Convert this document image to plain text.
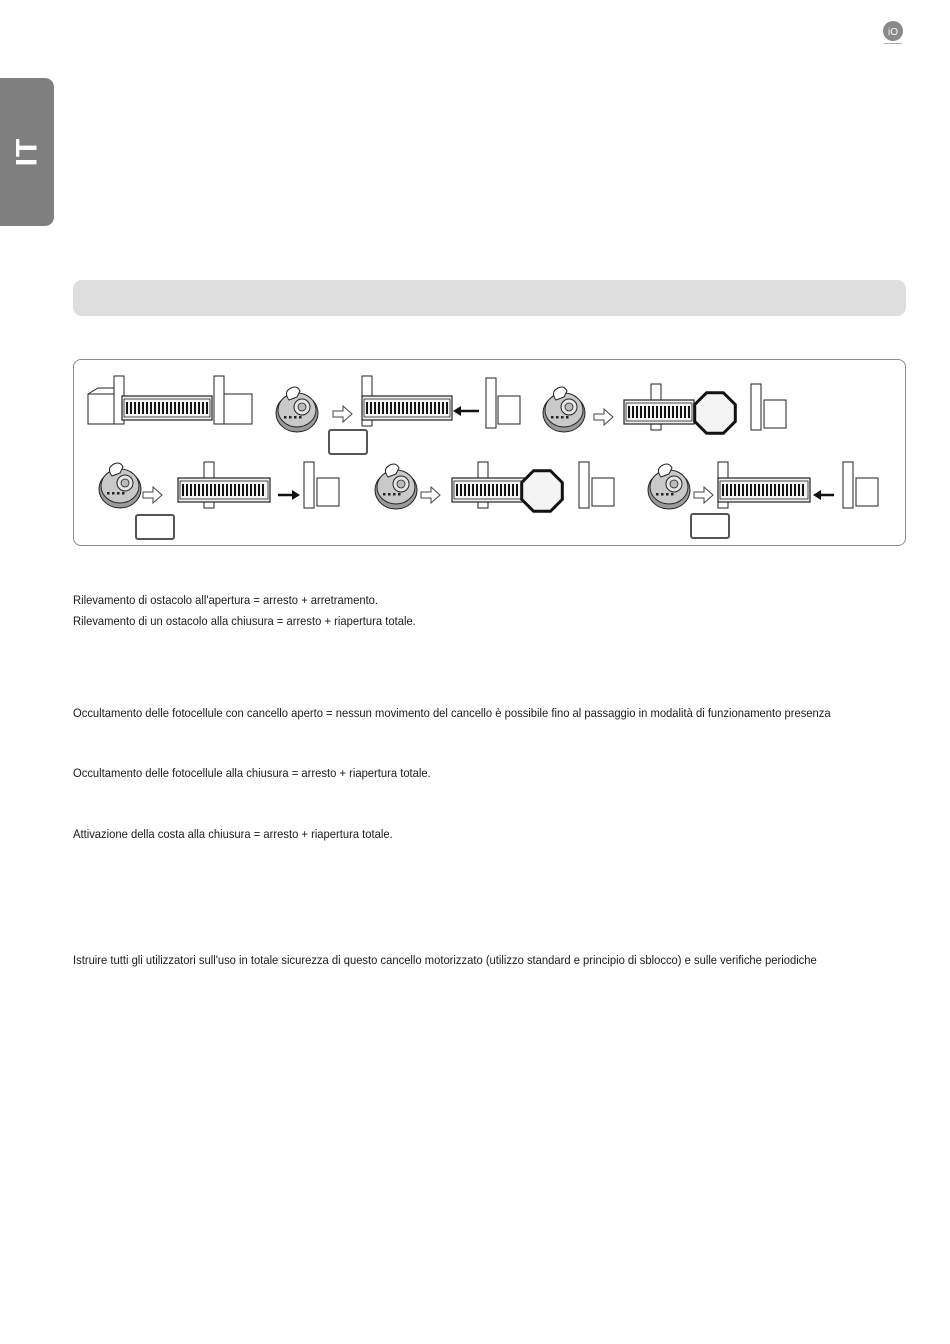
IT
iO
Rilevamento di ostacolo all'apertura = arresto + arretramento.
Rilevamento di un ostacolo alla chiusura = arresto + riapertura totale.
Occultamento delle fotocellule con cancello aperto = nessun movimento del cancello è possibile fino al passaggio in modalità di funzionamento presenza
Occultamento delle fotocellule alla chiusura = arresto + riapertura totale.
Attivazione della costa alla chiusura = arresto + riapertura totale.
Istruire tutti gli utilizzatori sull'uso in totale sicurezza di questo cancello motorizzato (utilizzo standard e principio di sblocco) e sulle verifiche periodiche
